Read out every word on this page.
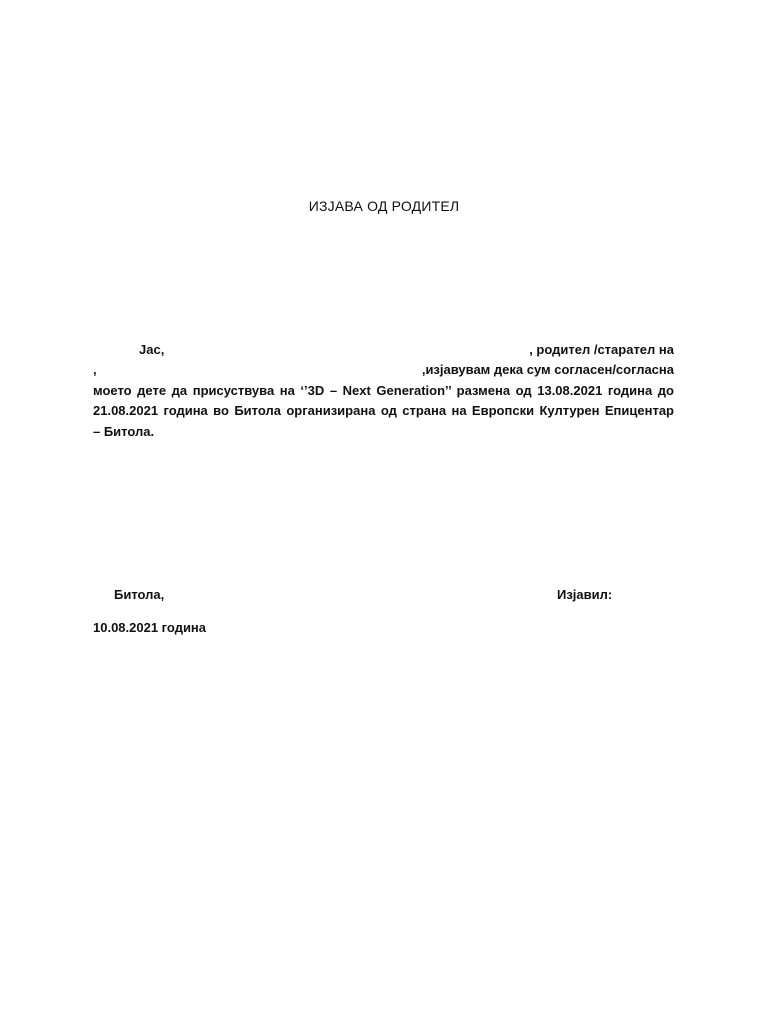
ИЗЈАВА ОД РОДИТЕЛ
Јас,	, родител /старател на
,	,изјавувам дека сум согласен/согласна
моето дете да присуствува на ‘’3D – Next Generation’’ размена од 13.08.2021 година до
21.08.2021 година во Битола организирана од страна на Европски Културен Епицентар
– Битола.
Битола,	Изјавил:
10.08.2021 година
